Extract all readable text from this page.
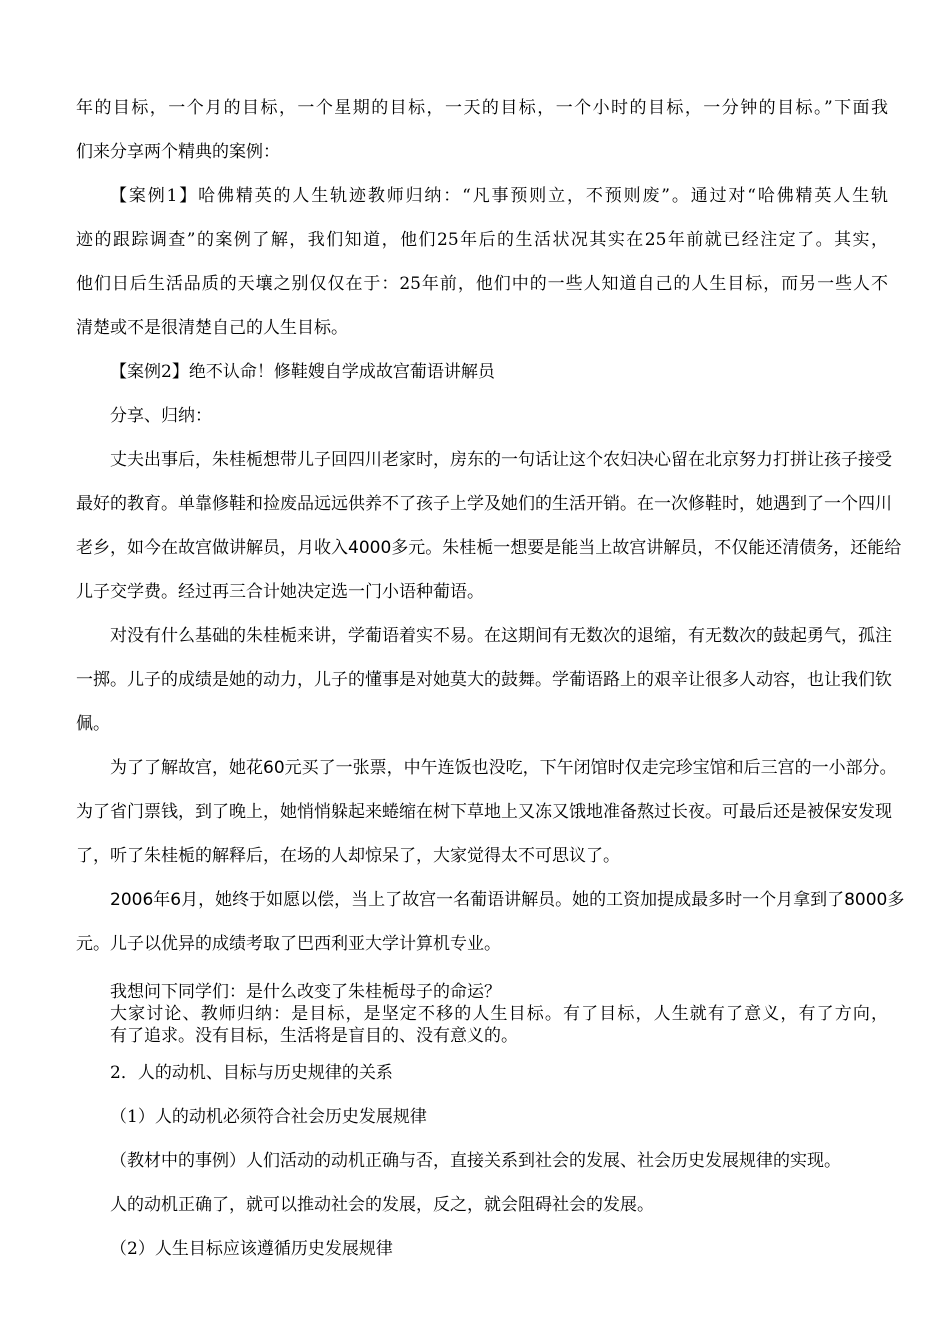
年的目标，一个月的目标，一个星期的目标，一天的目标，一个小时的目标，一分钟的目标。”下面我
们来分享两个精典的案例：
【案例1】哈佛精英的人生轨迹教师归纳：“凡事预则立，不预则废”。通过对“哈佛精英人生轨
迹的跟踪调查”的案例了解，我们知道，他们25年后的生活状况其实在25年前就已经注定了。其实，
他们日后生活品质的天壤之别仅仅在于：25年前，他们中的一些人知道自己的人生目标，而另一些人不
清楚或不是很清楚自己的人生目标。
【案例2】绝不认命！修鞋嫂自学成故宫葡语讲解员
分享、归纳：
丈夫出事后，朱桂栀想带儿子回四川老家时，房东的一句话让这个农妇决心留在北京努力打拼让孩子接受
最好的教育。单靠修鞋和捡废品远远供养不了孩子上学及她们的生活开销。在一次修鞋时，她遇到了一个四川
老乡，如今在故宫做讲解员，月收入4000多元。朱桂栀一想要是能当上故宫讲解员，不仅能还清债务，还能给
儿子交学费。经过再三合计她决定选一门小语种葡语。
对没有什么基础的朱桂栀来讲，学葡语着实不易。在这期间有无数次的退缩，有无数次的鼓起勇气，孤注
一掷。儿子的成绩是她的动力，儿子的懂事是对她莫大的鼓舞。学葡语路上的艰辛让很多人动容，也让我们钦
佩。
为了了解故宫，她花60元买了一张票，中午连饭也没吃，下午闭馆时仅走完珍宝馆和后三宫的一小部分。
为了省门票钱，到了晚上，她悄悄躲起来蜷缩在树下草地上又冻又饿地准备熬过长夜。可最后还是被保安发现
了，听了朱桂栀的解释后，在场的人却惊呆了，大家觉得太不可思议了。
2006年6月，她终于如愿以偿，当上了故宫一名葡语讲解员。她的工资加提成最多时一个月拿到了8000多
元。儿子以优异的成绩考取了巴西利亚大学计算机专业。
我想问下同学们：是什么改变了朱桂栀母子的命运？
大家讨论、教师归纳：是目标，是坚定不移的人生目标。有了目标，人生就有了意义，有了方向，
有了追求。没有目标，生活将是盲目的、没有意义的。
2．人的动机、目标与历史规律的关系
（1）人的动机必须符合社会历史发展规律
（教材中的事例）人们活动的动机正确与否，直接关系到社会的发展、社会历史发展规律的实现。
人的动机正确了，就可以推动社会的发展，反之，就会阻碍社会的发展。
（2）人生目标应该遵循历史发展规律
